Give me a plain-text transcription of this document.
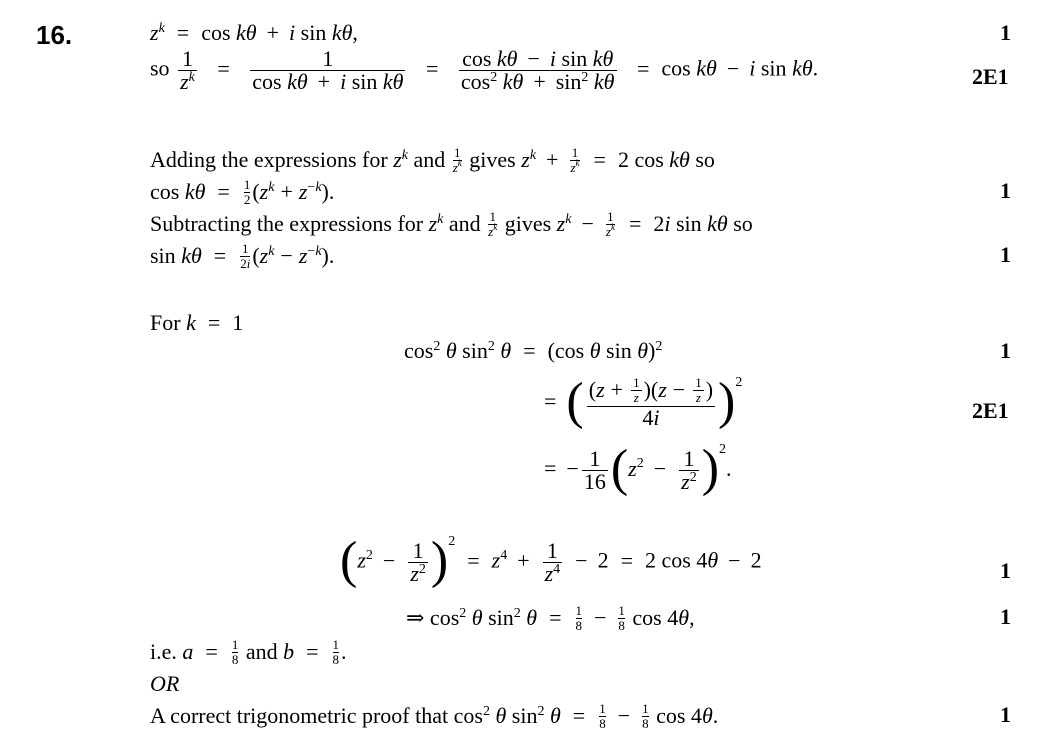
16.	$z^k = \cos k\theta + i$ sin kθ,	1
so $\frac{1}{z^k} = \frac{1}{\text{cos kθ + i sin kθ}} = \frac{\text{cos kθ − i sin kθ}}{\cos^2 k\theta + \sin^2 k\theta} = \cos k\theta - i$ sin kθ.	2E1
Adding the expressions for $z^k$ and $\frac{1}{z^k}$ gives $z^k + \frac{1}{z^k} = 2$ cos kθ so
$\cos k\theta = \frac{1}{2} (z^k + z^{-k})$.	1
Subtracting the expressions for $z^k$ and $\frac{1}{z^k}$ gives $z^k - \frac{1}{z^k} = 2i$ sin kθ so
$\sin k\theta = \frac{1}{2i} (z^k - z^{-k})$.	1
For k = 1
$\cos^2 \theta$ $\sin^2 \theta = (\cos$ θ sin θ)$^2$	1
= ( $\frac{(z + \frac{1}{z} )(z - \frac{1}{z} )}{4i} )^2$
2E1
= − $\frac{1}{16} (z^2 - \frac{1}{z^2} )^2$.
$(z^2 - \frac{1}{z^2} )^2= z^4 + \frac{1}{z^4} - 2 = 2$ cos 4θ − 2	1
⇒ $\cos^2 \theta$ $\sin^2 \theta = \frac{1}{8} - \frac{1}{8}$ cos 4θ,	1
i.e. $a = \frac{1}{8}$ and $b = \frac{1}{8}$ .
OR
A correct trigonometric proof that $\cos^2 \theta$ $\sin^2 \theta = \frac{1}{8} - \frac{1}{8}$ cos 4θ.	1
